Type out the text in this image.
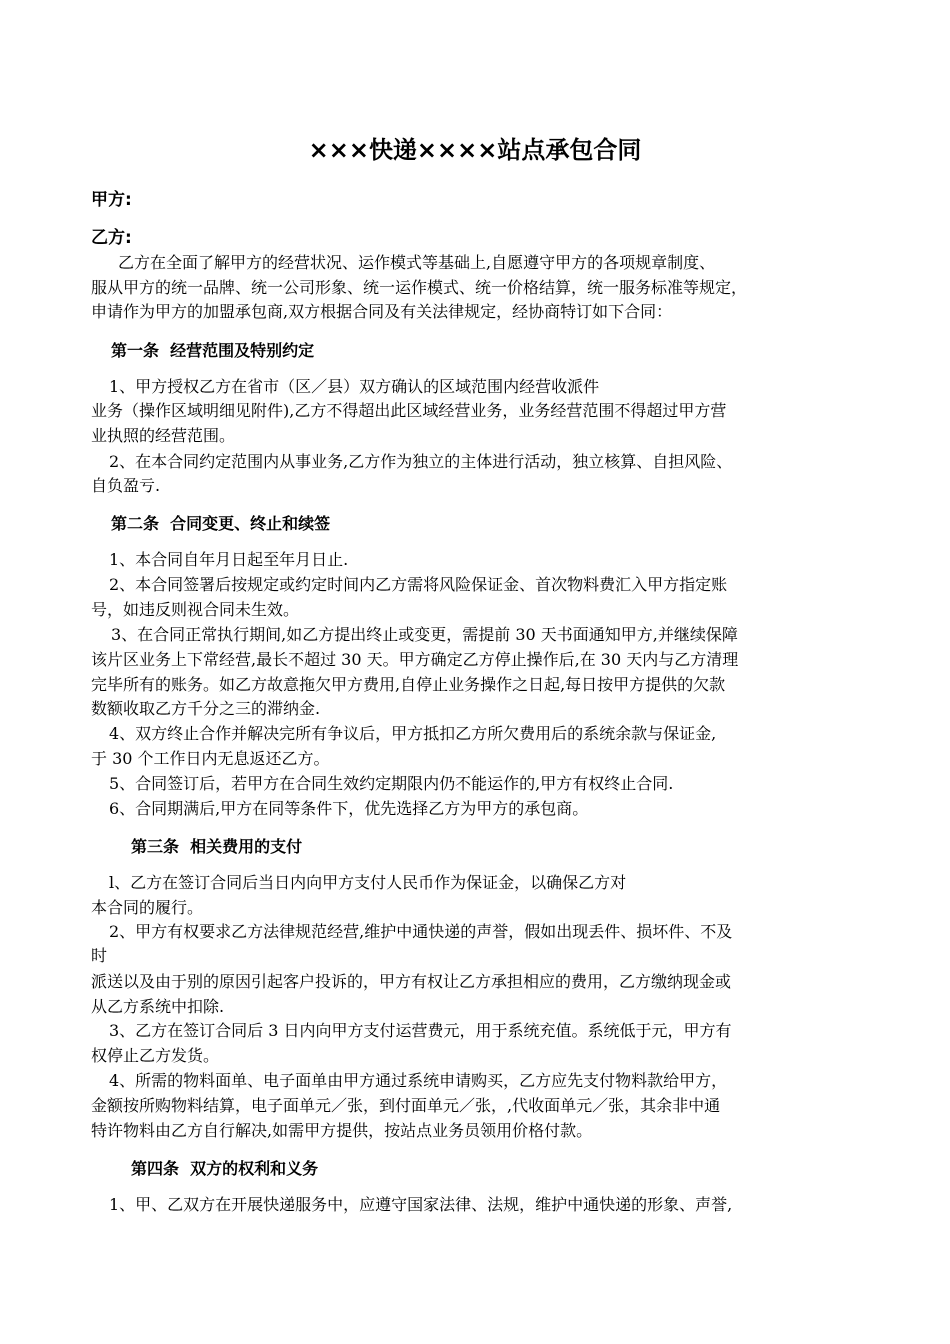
×××快递××××站点承包合同
甲方:
乙方:
乙方在全面了解甲方的经营状况、运作模式等基础上,自愿遵守甲方的各项规章制度、
服从甲方的统一品牌、统一公司形象、统一运作模式、统一价格结算，统一服务标准等规定，
申请作为甲方的加盟承包商,双方根据合同及有关法律规定，经协商特订如下合同：
第一条  经营范围及特别约定
1、甲方授权乙方在省市（区／县）双方确认的区域范围内经营收派件
业务（操作区域明细见附件),乙方不得超出此区域经营业务，业务经营范围不得超过甲方营
业执照的经营范围。
2、在本合同约定范围内从事业务,乙方作为独立的主体进行活动，独立核算、自担风险、
自负盈亏.
第二条  合同变更、终止和续签
1、本合同自年月日起至年月日止.
2、本合同签署后按规定或约定时间内乙方需将风险保证金、首次物料费汇入甲方指定账
号，如违反则视合同未生效。
3、在合同正常执行期间,如乙方提出终止或变更，需提前 30 天书面通知甲方,并继续保障
该片区业务上下常经营,最长不超过 30 天。甲方确定乙方停止操作后,在 30 天内与乙方清理
完毕所有的账务。如乙方故意拖欠甲方费用,自停止业务操作之日起,每日按甲方提供的欠款
数额收取乙方千分之三的滞纳金.
4、双方终止合作并解决完所有争议后，甲方抵扣乙方所欠费用后的系统余款与保证金,
于 30 个工作日内无息返还乙方。
5、合同签订后，若甲方在合同生效约定期限内仍不能运作的,甲方有权终止合同.
6、合同期满后,甲方在同等条件下，优先选择乙方为甲方的承包商。
第三条  相关费用的支付
l、乙方在签订合同后当日内向甲方支付人民币作为保证金，以确保乙方对
本合同的履行。
2、甲方有权要求乙方法律规范经营,维护中通快递的声誉，假如出现丢件、损坏件、不及
时
派送以及由于别的原因引起客户投诉的，甲方有权让乙方承担相应的费用，乙方缴纳现金或
从乙方系统中扣除.
3、乙方在签订合同后 3 日内向甲方支付运营费元，用于系统充值。系统低于元，甲方有
权停止乙方发货。
4、所需的物料面单、电子面单由甲方通过系统申请购买，乙方应先支付物料款给甲方，
金额按所购物料结算，电子面单元／张，到付面单元／张，,代收面单元／张，其余非中通
特许物料由乙方自行解决,如需甲方提供，按站点业务员领用价格付款。
第四条  双方的权利和义务
1、甲、乙双方在开展快递服务中，应遵守国家法律、法规，维护中通快递的形象、声誉,
